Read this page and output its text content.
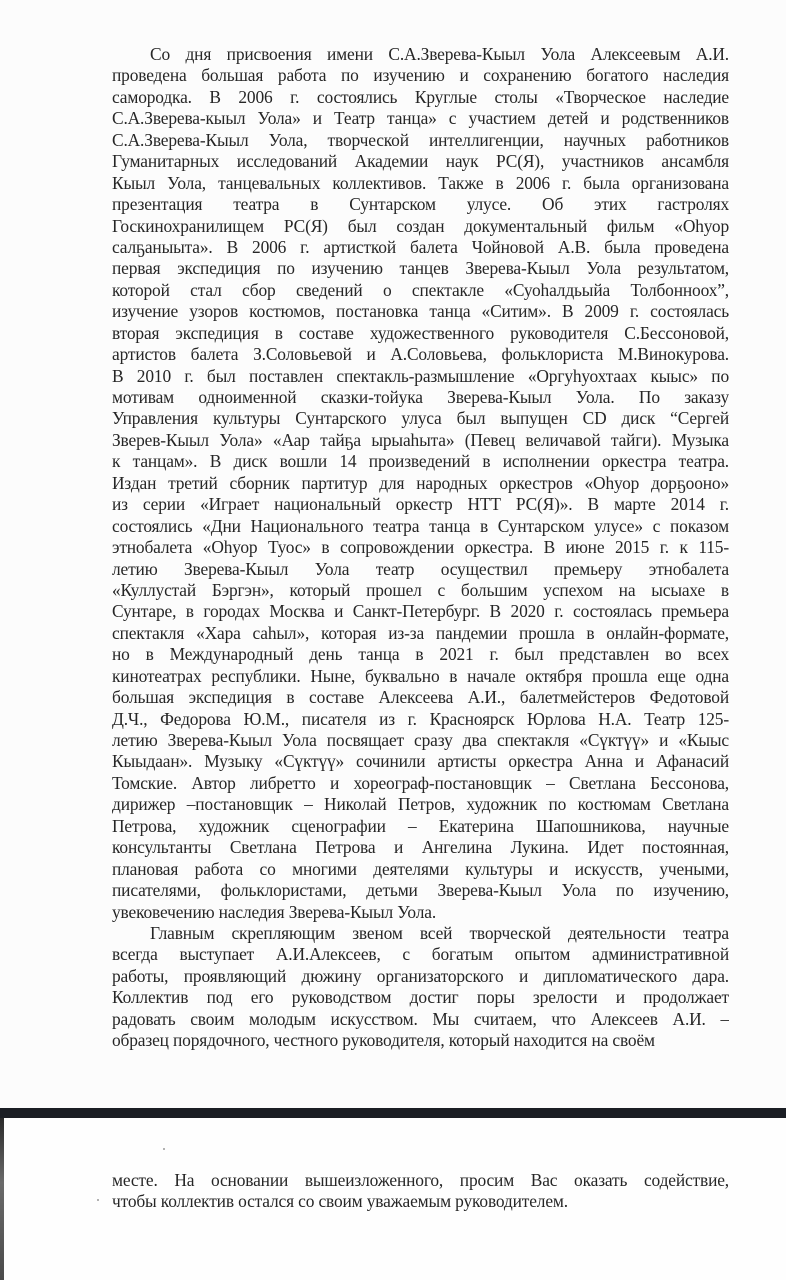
Со дня присвоения имени С.А.Зверева-Кыыл Уола Алексеевым А.И.
проведена большая работа по изучению и сохранению богатого наследия
самородка. В 2006 г. состоялись Круглые столы «Творческое наследие
С.А.Зверева-кыыл Уола» и Театр танца» с участием детей и родственников
С.А.Зверева-Кыыл Уола, творческой интеллигенции, научных работников
Гуманитарных исследований Академии наук РС(Я), участников ансамбля
Кыыл Уола, танцевальных коллективов. Также в 2006 г. была организована
презентация театра в Сунтарском улусе. Об этих гастролях
Госкинохранилищем РС(Я) был создан документальный фильм «Оhуор
салҕаныыта». В 2006 г. артисткой балета Чойновой А.В. была проведена
первая экспедиция по изучению танцев Зверева-Кыыл Уола результатом,
которой стал сбор сведений о спектакле «Суоhалдьыйа Толбонноох”,
изучение узоров костюмов, постановка танца «Ситим». В 2009 г. состоялась
вторая экспедиция в составе художественного руководителя С.Бессоновой,
артистов балета З.Соловьевой и А.Соловьева, фольклориста М.Винокурова.
В 2010 г. был поставлен спектакль-размышление «Оргуhуохтаах кыыс» по
мотивам одноименной сказки-тойука Зверева-Кыыл Уола. По заказу
Управления культуры Сунтарского улуса был выпущен CD диск “Сергей
Зверев-Кыыл Уола» «Аар тайҕа ырыаhыта» (Певец величавой тайги). Музыка
к танцам». В диск вошли 14 произведений в исполнении оркестра театра.
Издан третий сборник партитур для народных оркестров «Оhуор дорҕооно»
из серии «Играет национальный оркестр НТТ РС(Я)». В марте 2014 г.
состоялись «Дни Национального театра танца в Сунтарском улусе» с показом
этнобалета «Оhуор Туос» в сопровождении оркестра. В июне 2015 г. к 115-
летию Зверева-Кыыл Уола театр осуществил премьеру этнобалета
«Куллустай Бэргэн», который прошел с большим успехом на ысыахе в
Сунтаре, в городах Москва и Санкт-Петербург. В 2020 г. состоялась премьера
спектакля «Хара саhыл», которая из-за пандемии прошла в онлайн-формате,
но в Международный день танца в 2021 г. был представлен во всех
кинотеатрах республики. Ныне, буквально в начале октября прошла еще одна
большая экспедиция в составе Алексеева А.И., балетмейстеров Федотовой
Д.Ч., Федорова Ю.М., писателя из г. Красноярск Юрлова Н.А. Театр 125-
летию Зверева-Кыыл Уола посвящает сразу два спектакля «Сүктүү» и «Кыыс
Кыыдаан». Музыку «Сүктүү» сочинили артисты оркестра Анна и Афанасий
Томские. Автор либретто и хореограф-постановщик – Светлана Бессонова,
дирижер –постановщик – Николай Петров, художник по костюмам Светлана
Петрова, художник сценографии – Екатерина Шапошникова, научные
консультанты Светлана Петрова и Ангелина Лукина. Идет постоянная,
плановая работа со многими деятелями культуры и искусств, учеными,
писателями, фольклористами, детьми Зверева-Кыыл Уола по изучению,
увековечению наследия Зверева-Кыыл Уола.
Главным скрепляющим звеном всей творческой деятельности театра
всегда выступает А.И.Алексеев, с богатым опытом административной
работы, проявляющий дюжину организаторского и дипломатического дара.
Коллектив под его руководством достиг поры зрелости и продолжает
радовать своим молодым искусством. Мы считаем, что Алексеев А.И. –
образец порядочного, честного руководителя, который находится на своём
месте. На основании вышеизложенного, просим Вас оказать содействие,
чтобы коллектив остался со своим уважаемым руководителем.
